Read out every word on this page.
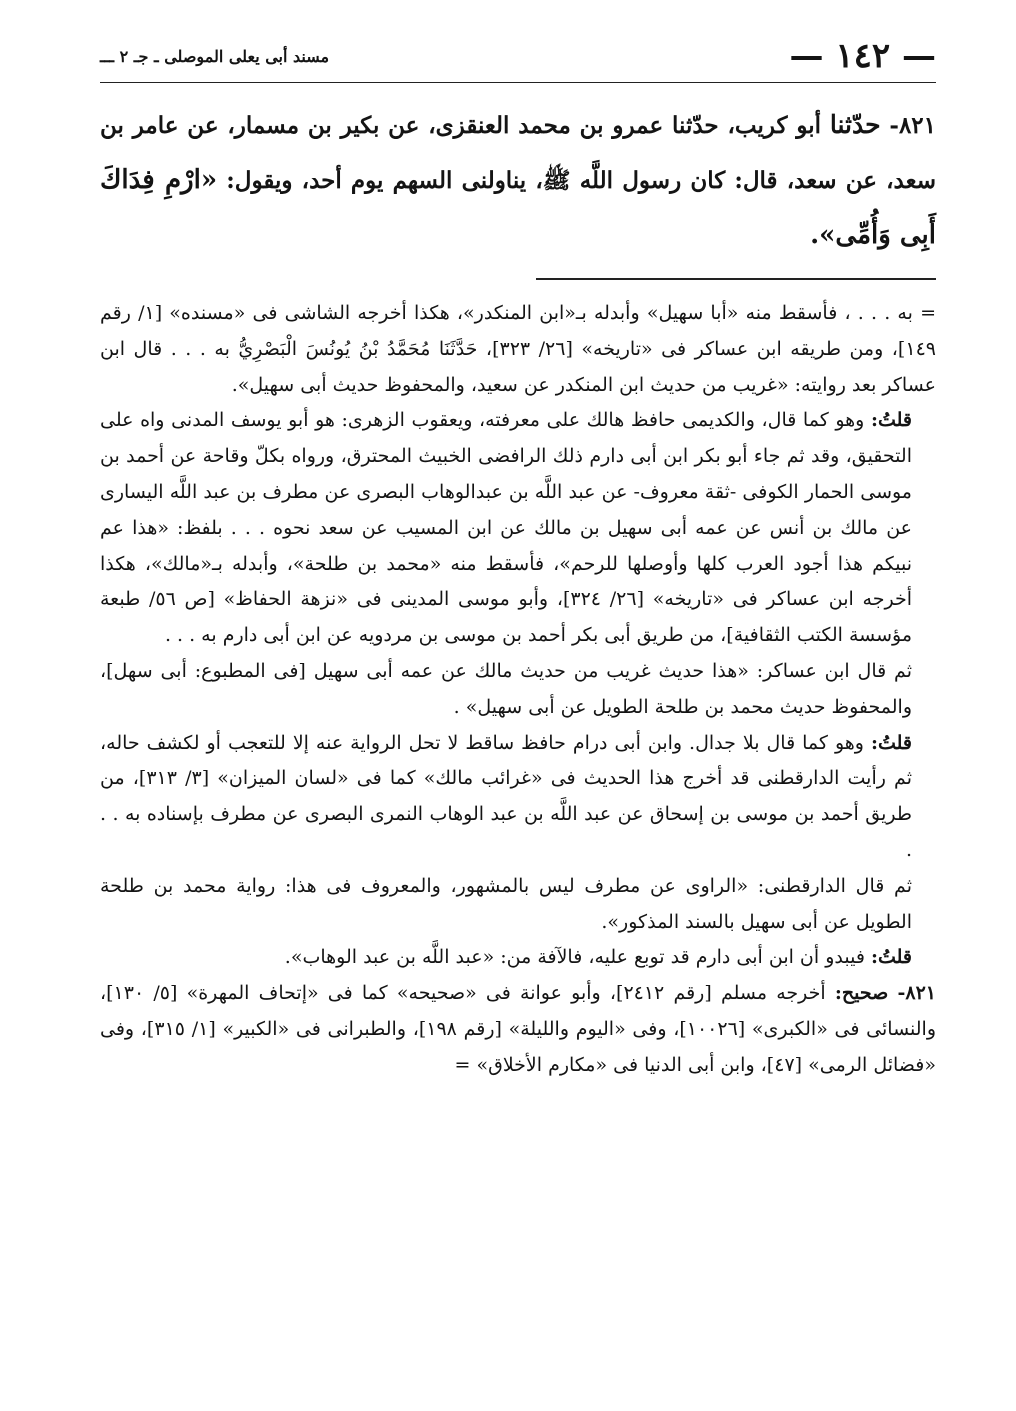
— ١٤٢ —
مسند أبى يعلى الموصلى ـ جـ ٢ ـــ
٨٢١- حدّثنا أبو كريب، حدّثنا عمرو بن محمد العنقزى، عن بكير بن مسمار، عن عامر بن سعد، عن سعد، قال: كان رسول اللَّه ﷺ، يناولنى السهم يوم أحد، ويقول: «ارْمِ فِدَاكَ أَبِى وَأُمِّى».

= به . . . ، فأسقط منه «أبا سهيل» وأبدله بـ«ابن المنكدر»، هكذا أخرجه الشاشى فى «مسنده» [١/ رقم ١٤٩]، ومن طريقه ابن عساكر فى «تاريخه» [٢٦/ ٣٢٣]، حَدَّثَنَا مُحَمَّدُ بْنُ يُونُسَ الْبَصْرِيُّ به . . . قال ابن عساكر بعد روايته: «غريب من حديث ابن المنكدر عن سعيد، والمحفوظ حديث أبى سهيل».

قلتُ: وهو كما قال، والكديمى حافظ هالك على معرفته، ويعقوب الزهرى: هو أبو يوسف المدنى واه على التحقيق، وقد ثم جاء أبو بكر ابن أبى دارم ذلك الرافضى الخبيث المحترق، ورواه بكلّ وقاحة عن أحمد بن موسى الحمار الكوفى -ثقة معروف- عن عبد اللَّه بن عبدالوهاب البصرى عن مطرف بن عبد اللَّه اليسارى عن مالك بن أنس عن عمه أبى سهيل بن مالك عن ابن المسيب عن سعد نحوه . . . بلفظ: «هذا عم نبيكم هذا أجود العرب كلها وأوصلها للرحم»، فأسقط منه «محمد بن طلحة»، وأبدله بـ«مالك»، هكذا أخرجه ابن عساكر فى «تاريخه» [٢٦/ ٣٢٤]، وأبو موسى المدينى فى «نزهة الحفاظ» [ص ٥٦/ طبعة مؤسسة الكتب الثقافية]، من طريق أبى بكر أحمد بن موسى بن مردويه عن ابن أبى دارم به . . .

ثم قال ابن عساكر: «هذا حديث غريب من حديث مالك عن عمه أبى سهيل [فى المطبوع: أبى سهل]، والمحفوظ حديث محمد بن طلحة الطويل عن أبى سهيل» .

قلتُ: وهو كما قال بلا جدال. وابن أبى درام حافظ ساقط لا تحل الرواية عنه إلا للتعجب أو لكشف حاله، ثم رأيت الدارقطنى قد أخرج هذا الحديث فى «غرائب مالك» كما فى «لسان الميزان» [٣/ ٣١٣]، من طريق أحمد بن موسى بن إسحاق عن عبد اللَّه بن عبد الوهاب النمرى البصرى عن مطرف بإسناده به . . .

ثم قال الدارقطنى: «الراوى عن مطرف ليس بالمشهور، والمعروف فى هذا: رواية محمد بن طلحة الطويل عن أبى سهيل بالسند المذكور».

قلتُ: فيبدو أن ابن أبى دارم قد توبع عليه، فالآفة من: «عبد اللَّه بن عبد الوهاب».

٨٢١- صحيح: أخرجه مسلم [رقم ٢٤١٢]، وأبو عوانة فى «صحيحه» كما فى «إتحاف المهرة» [٥/ ١٣٠]، والنسائى فى «الكبرى» [١٠٠٢٦]، وفى «اليوم والليلة» [رقم ١٩٨]، والطبرانى فى «الكبير» [١/ ٣١٥]، وفى «فضائل الرمى» [٤٧]، وابن أبى الدنيا فى «مكارم الأخلاق» =
